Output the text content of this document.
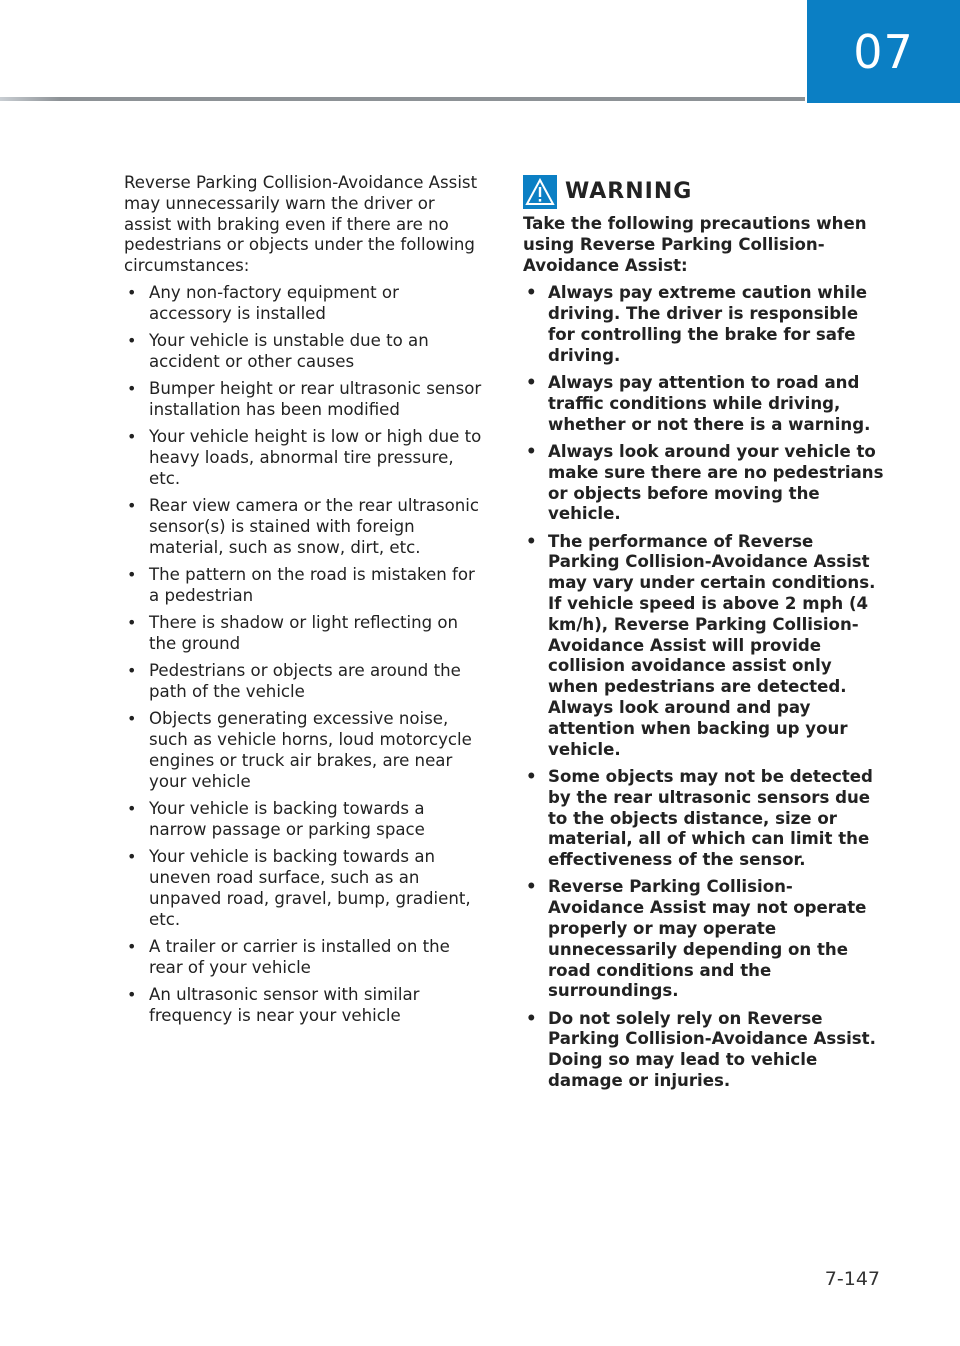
07

Reverse Parking Collision-Avoidance Assist may unnecessarily warn the driver or assist with braking even if there are no pedestrians or objects under the following circumstances:

• Any non-factory equipment or accessory is installed
• Your vehicle is unstable due to an accident or other causes
• Bumper height or rear ultrasonic sensor installation has been modified
• Your vehicle height is low or high due to heavy loads, abnormal tire pressure, etc.
• Rear view camera or the rear ultrasonic sensor(s) is stained with foreign material, such as snow, dirt, etc.
• The pattern on the road is mistaken for a pedestrian
• There is shadow or light reflecting on the ground
• Pedestrians or objects are around the path of the vehicle
• Objects generating excessive noise, such as vehicle horns, loud motorcycle engines or truck air brakes, are near your vehicle
• Your vehicle is backing towards a narrow passage or parking space
• Your vehicle is backing towards an uneven road surface, such as an unpaved road, gravel, bump, gradient, etc.
• A trailer or carrier is installed on the rear of your vehicle
• An ultrasonic sensor with similar frequency is near your vehicle
WARNING

Take the following precautions when using Reverse Parking Collision-Avoidance Assist:

• Always pay extreme caution while driving. The driver is responsible for controlling the brake for safe driving.
• Always pay attention to road and traffic conditions while driving, whether or not there is a warning.
• Always look around your vehicle to make sure there are no pedestrians or objects before moving the vehicle.
• The performance of Reverse Parking Collision-Avoidance Assist may vary under certain conditions. If vehicle speed is above 2 mph (4 km/h), Reverse Parking Collision-Avoidance Assist will provide collision avoidance assist only when pedestrians are detected. Always look around and pay attention when backing up your vehicle.
• Some objects may not be detected by the rear ultrasonic sensors due to the objects distance, size or material, all of which can limit the effectiveness of the sensor.
• Reverse Parking Collision-Avoidance Assist may not operate properly or may operate unnecessarily depending on the road conditions and the surroundings.
• Do not solely rely on Reverse Parking Collision-Avoidance Assist. Doing so may lead to vehicle damage or injuries.
7-147
